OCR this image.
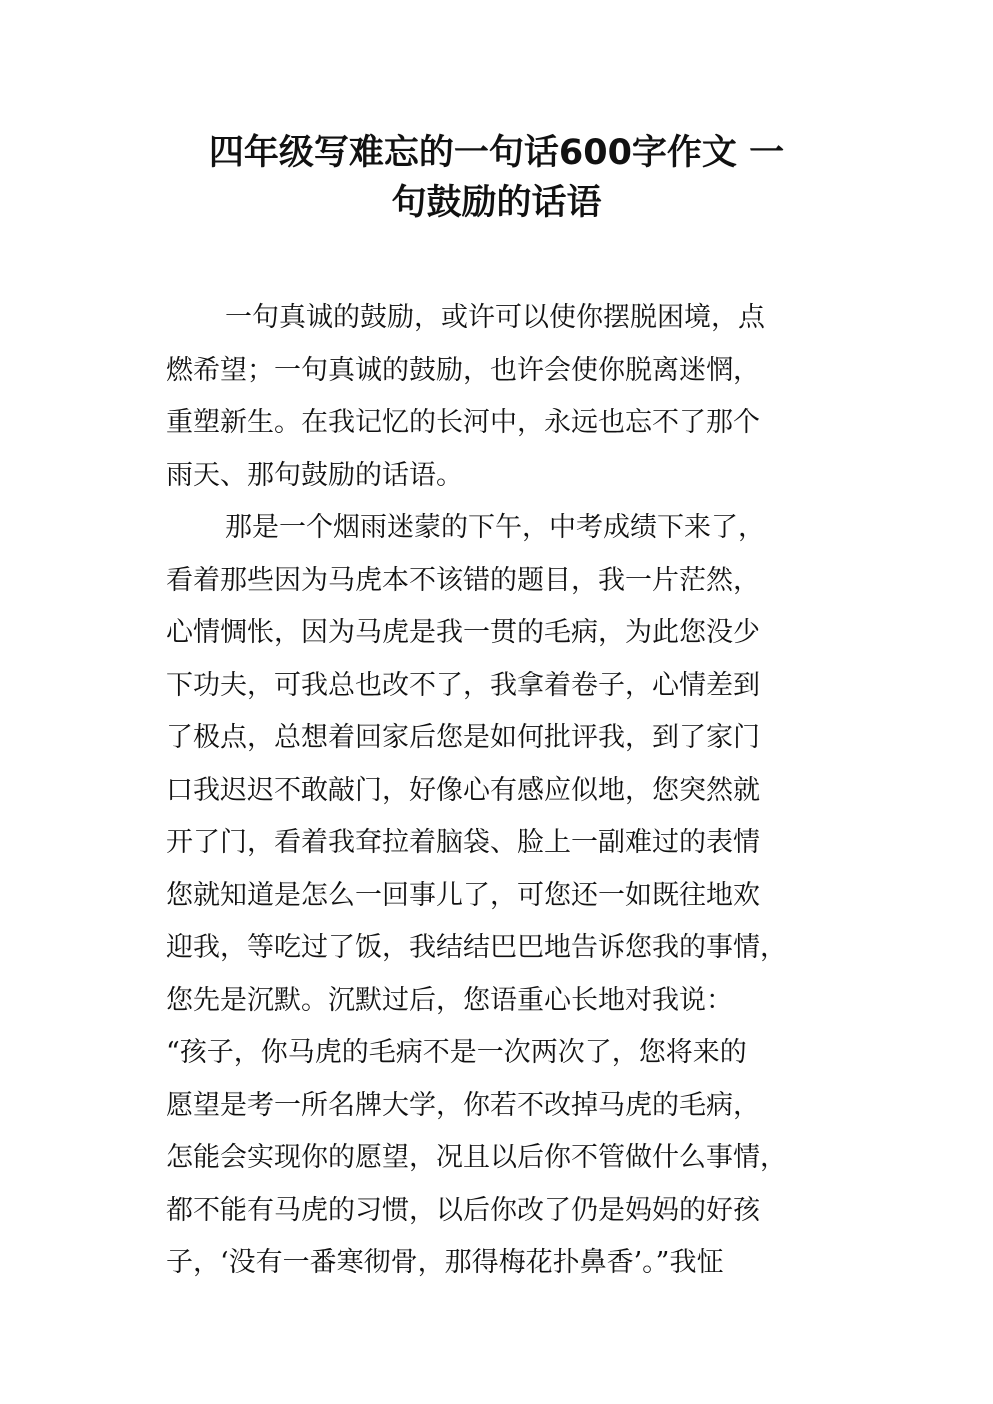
四年级写难忘的一句话600字作文 一
句鼓励的话语
一句真诚的鼓励，或许可以使你摆脱困境，点
燃希望；一句真诚的鼓励，也许会使你脱离迷惘，
重塑新生。在我记忆的长河中，永远也忘不了那个
雨天、那句鼓励的话语。
那是一个烟雨迷蒙的下午，中考成绩下来了，
看着那些因为马虎本不该错的题目，我一片茫然，
心情惆怅，因为马虎是我一贯的毛病，为此您没少
下功夫，可我总也改不了，我拿着卷子，心情差到
了极点，总想着回家后您是如何批评我，到了家门
口我迟迟不敢敲门，好像心有感应似地，您突然就
开了门，看着我耷拉着脑袋、脸上一副难过的表情
您就知道是怎么一回事儿了，可您还一如既往地欢
迎我，等吃过了饭，我结结巴巴地告诉您我的事情，
您先是沉默。沉默过后，您语重心长地对我说：
“孩子，你马虎的毛病不是一次两次了，您将来的
愿望是考一所名牌大学，你若不改掉马虎的毛病，
怎能会实现你的愿望，况且以后你不管做什么事情，
都不能有马虎的习惯，以后你改了仍是妈妈的好孩
子，‘没有一番寒彻骨，那得梅花扑鼻香’。”我怔
